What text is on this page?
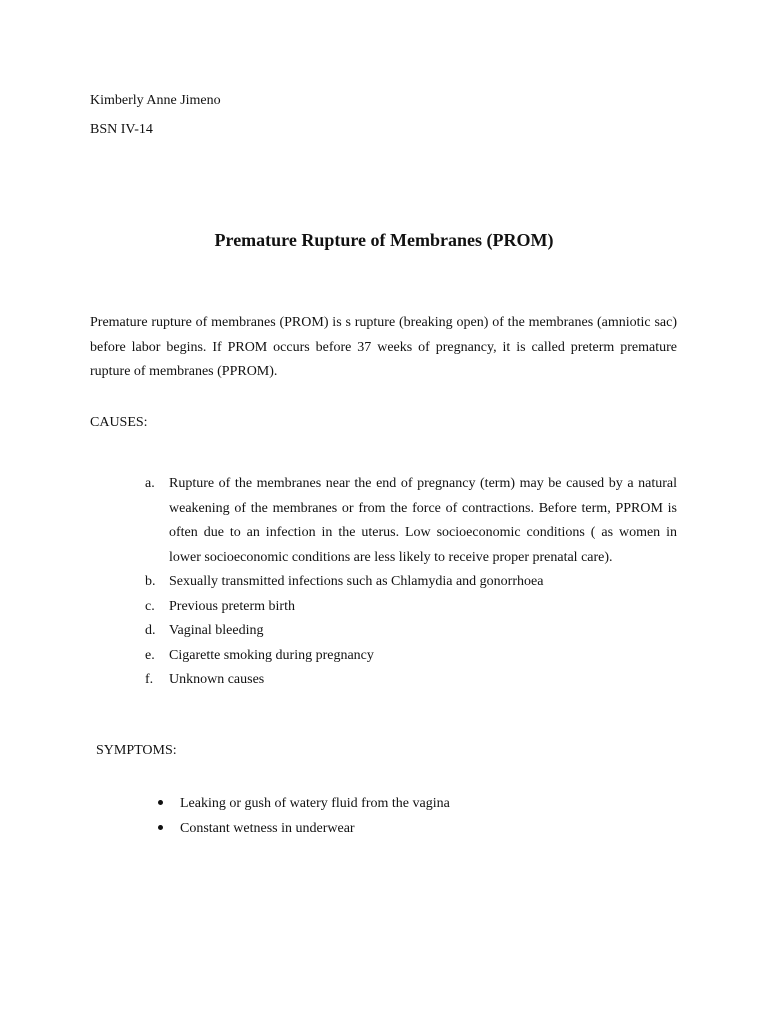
Kimberly Anne Jimeno
BSN IV-14
Premature Rupture of Membranes (PROM)

Premature rupture of membranes (PROM) is s rupture (breaking open) of the membranes (amniotic sac) before labor begins. If PROM occurs before 37 weeks of pregnancy, it is called preterm premature rupture of membranes (PPROM).

CAUSES:
a. Rupture of the membranes near the end of pregnancy (term) may be caused by a natural weakening of the membranes or from the force of contractions. Before term, PPROM is often due to an infection in the uterus. Low socioeconomic conditions ( as women in lower socioeconomic conditions are less likely to receive proper prenatal care).
b. Sexually transmitted infections such as Chlamydia and gonorrhoea
c. Previous preterm birth
d. Vaginal bleeding
e. Cigarette smoking during pregnancy
f. Unknown causes
SYMPTOMS:
Leaking or gush of watery fluid from the vagina
Constant wetness in underwear
